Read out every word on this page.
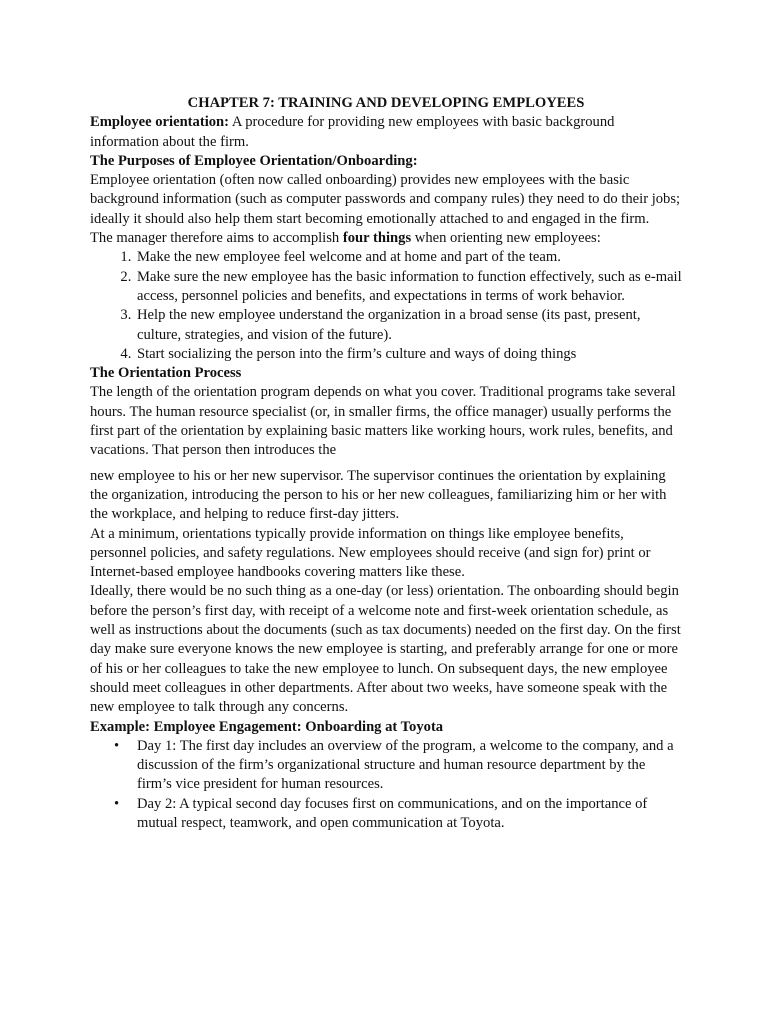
CHAPTER 7: TRAINING AND DEVELOPING EMPLOYEES

Employee orientation: A procedure for providing new employees with basic background information about the firm.

The Purposes of Employee Orientation/Onboarding:

Employee orientation (often now called onboarding) provides new employees with the basic background information (such as computer passwords and company rules) they need to do their jobs; ideally it should also help them start becoming emotionally attached to and engaged in the firm.

The manager therefore aims to accomplish four things when orienting new employees:

1. Make the new employee feel welcome and at home and part of the team.
2. Make sure the new employee has the basic information to function effectively, such as e-mail access, personnel policies and benefits, and expectations in terms of work behavior.
3. Help the new employee understand the organization in a broad sense (its past, present, culture, strategies, and vision of the future).
4. Start socializing the person into the firm’s culture and ways of doing things

The Orientation Process

The length of the orientation program depends on what you cover. Traditional programs take several hours. The human resource specialist (or, in smaller firms, the office manager) usually performs the first part of the orientation by explaining basic matters like working hours, work rules, benefits, and vacations. That person then introduces the

new employee to his or her new supervisor. The supervisor continues the orientation by explaining the organization, introducing the person to his or her new colleagues, familiarizing him or her with the workplace, and helping to reduce first-day jitters.

At a minimum, orientations typically provide information on things like employee benefits, personnel policies, and safety regulations. New employees should receive (and sign for) print or Internet-based employee handbooks covering matters like these.

Ideally, there would be no such thing as a one-day (or less) orientation. The onboarding should begin before the person’s first day, with receipt of a welcome note and first-week orientation schedule, as well as instructions about the documents (such as tax documents) needed on the first day. On the first day make sure everyone knows the new employee is starting, and preferably arrange for one or more of his or her colleagues to take the new employee to lunch. On subsequent days, the new employee should meet colleagues in other departments. After about two weeks, have someone speak with the new employee to talk through any concerns.

Example: Employee Engagement: Onboarding at Toyota

• Day 1: The first day includes an overview of the program, a welcome to the company, and a discussion of the firm’s organizational structure and human resource department by the firm’s vice president for human resources.
• Day 2: A typical second day focuses first on communications, and on the importance of mutual respect, teamwork, and open communication at Toyota.
